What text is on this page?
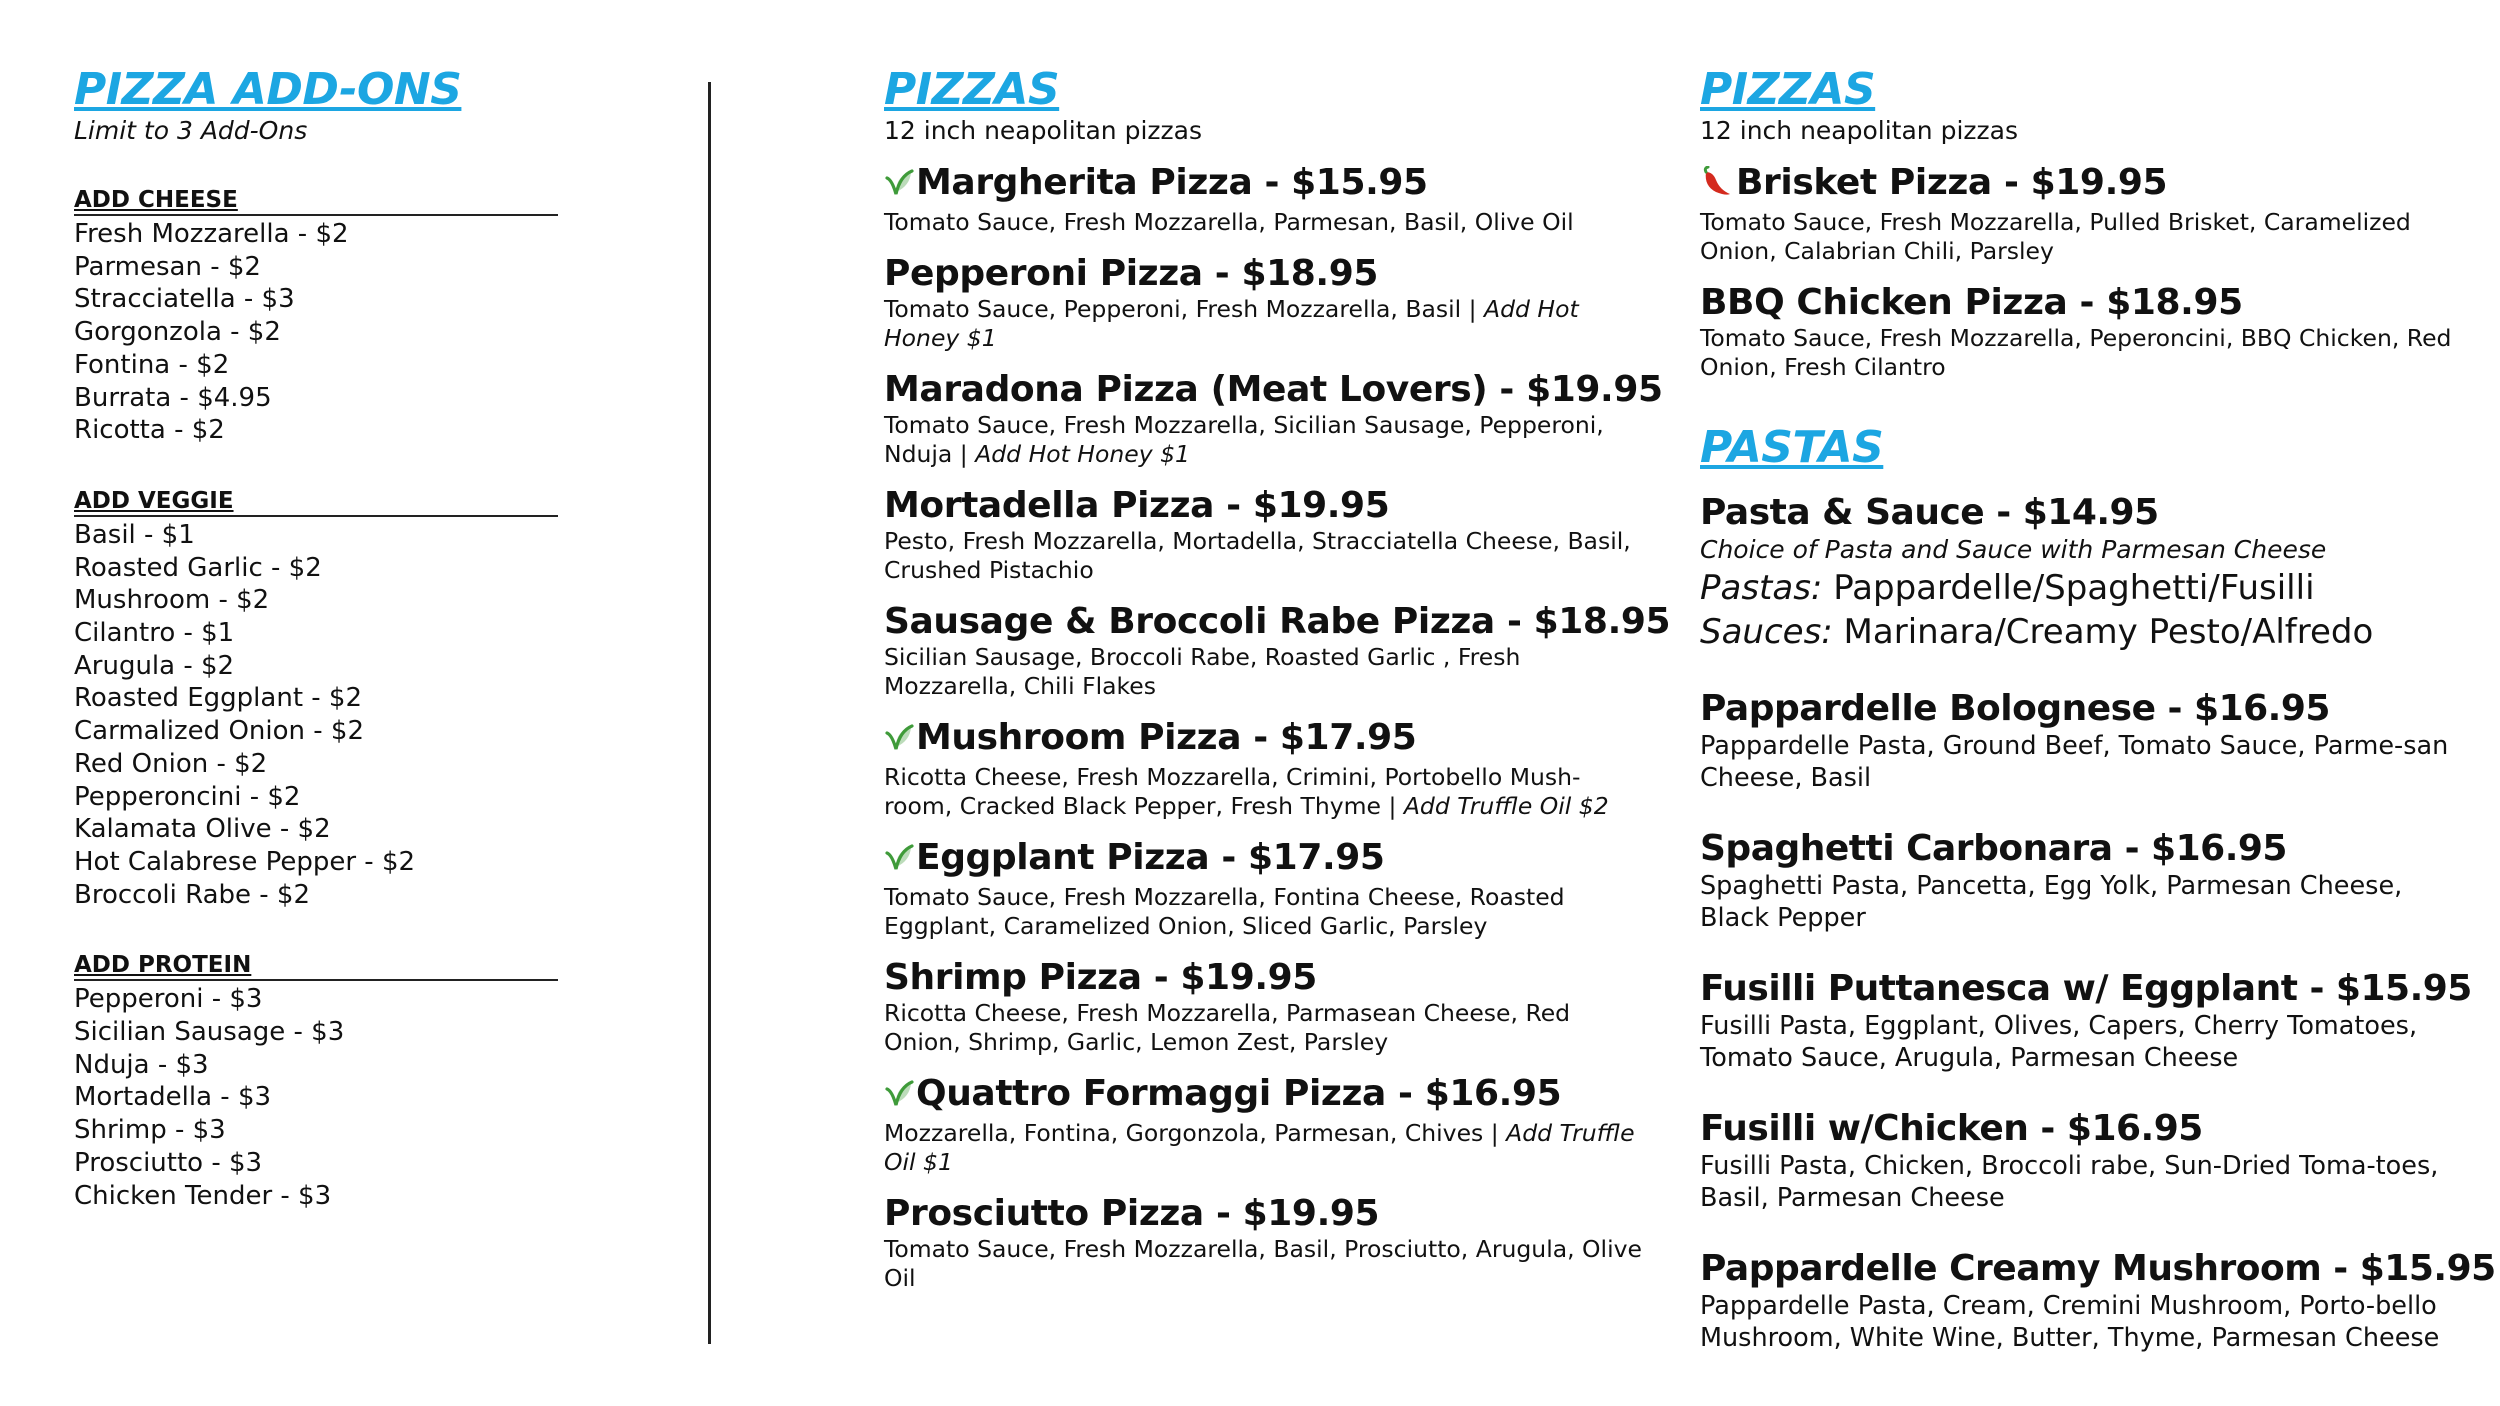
PIZZA ADD-ONS

Limit to 3 Add-Ons

ADD CHEESE
Fresh Mozzarella - $2
Parmesan - $2
Stracciatella - $3
Gorgonzola - $2
Fontina - $2
Burrata - $4.95
Ricotta - $2
ADD VEGGIE
Basil - $1
Roasted Garlic - $2
Mushroom - $2
Cilantro - $1
Arugula - $2
Roasted Eggplant - $2
Carmalized Onion - $2
Red Onion - $2
Pepperoncini - $2
Kalamata Olive - $2
Hot Calabrese Pepper - $2
Broccoli Rabe - $2
ADD PROTEIN
Pepperoni - $3
Sicilian Sausage - $3
Nduja - $3
Mortadella - $3
Shrimp - $3
Prosciutto - $3
Chicken Tender - $3
PIZZAS

12 inch neapolitan pizzas

Margherita Pizza - $15.95
Tomato Sauce, Fresh Mozzarella, Parmesan, Basil, Olive Oil
Pepperoni Pizza - $18.95
Tomato Sauce, Pepperoni, Fresh Mozzarella, Basil | Add Hot Honey $1
Maradona Pizza (Meat Lovers) - $19.95
Tomato Sauce, Fresh Mozzarella, Sicilian Sausage, Pepperoni, Nduja | Add Hot Honey $1
Mortadella Pizza - $19.95
Pesto, Fresh Mozzarella, Mortadella, Stracciatella Cheese, Basil, Crushed Pistachio
Sausage & Broccoli Rabe Pizza - $18.95
Sicilian Sausage, Broccoli Rabe, Roasted Garlic , Fresh Mozzarella, Chili Flakes
Mushroom Pizza - $17.95
Ricotta Cheese, Fresh Mozzarella, Crimini, Portobello Mush-room, Cracked Black Pepper, Fresh Thyme | Add Truffle Oil $2
Eggplant Pizza - $17.95
Tomato Sauce, Fresh Mozzarella, Fontina Cheese, Roasted Eggplant, Caramelized Onion, Sliced Garlic, Parsley
Shrimp Pizza - $19.95
Ricotta Cheese, Fresh Mozzarella, Parmasean Cheese, Red Onion, Shrimp, Garlic, Lemon Zest, Parsley
Quattro Formaggi Pizza - $16.95
Mozzarella, Fontina, Gorgonzola, Parmesan, Chives | Add Truffle Oil $1
Prosciutto Pizza - $19.95
Tomato Sauce, Fresh Mozzarella, Basil, Prosciutto, Arugula, Olive Oil
PIZZAS

12 inch neapolitan pizzas

Brisket Pizza - $19.95
Tomato Sauce, Fresh Mozzarella, Pulled Brisket, Caramelized Onion, Calabrian Chili, Parsley
BBQ Chicken Pizza - $18.95
Tomato Sauce, Fresh Mozzarella, Peperoncini, BBQ Chicken, Red Onion, Fresh Cilantro
PASTAS
Pasta & Sauce - $14.95
Choice of Pasta and Sauce with Parmesan Cheese
Pastas: Pappardelle/Spaghetti/Fusilli
Sauces: Marinara/Creamy Pesto/Alfredo
Pappardelle Bolognese - $16.95
Pappardelle Pasta, Ground Beef, Tomato Sauce, Parme-san Cheese, Basil
Spaghetti Carbonara - $16.95
Spaghetti Pasta, Pancetta, Egg Yolk, Parmesan Cheese, Black Pepper
Fusilli Puttanesca w/ Eggplant - $15.95
Fusilli Pasta, Eggplant, Olives, Capers, Cherry Tomatoes, Tomato Sauce, Arugula, Parmesan Cheese
Fusilli w/Chicken - $16.95
Fusilli Pasta, Chicken, Broccoli rabe, Sun-Dried Toma-toes, Basil, Parmesan Cheese
Pappardelle Creamy Mushroom - $15.95
Pappardelle Pasta, Cream, Cremini Mushroom, Porto-bello Mushroom, White Wine, Butter, Thyme, Parmesan Cheese
